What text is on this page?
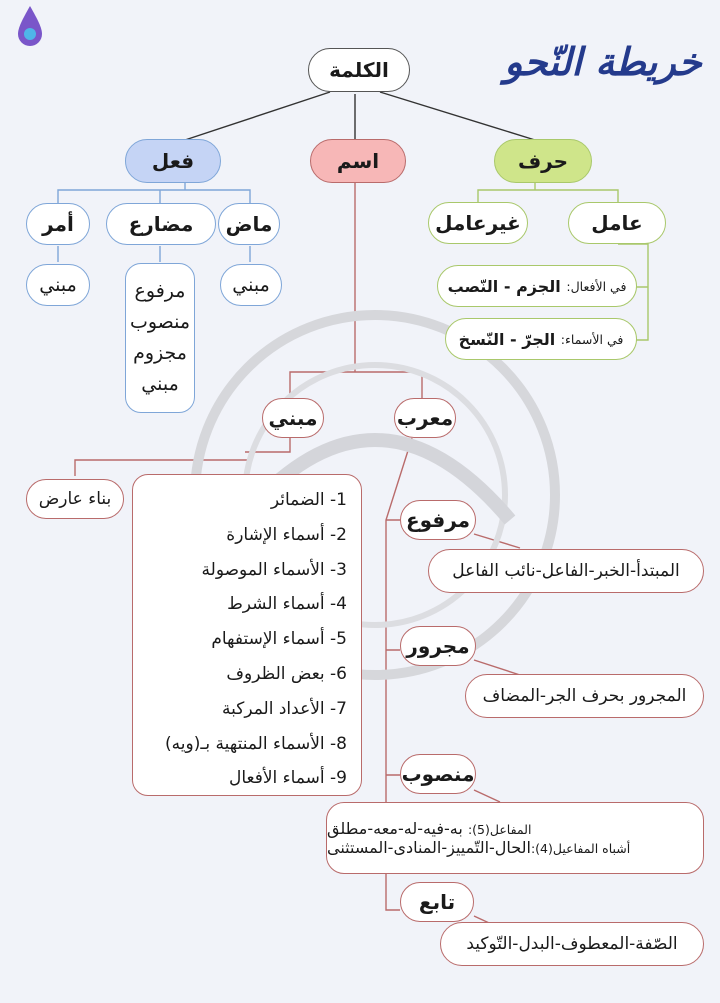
خريطة النّحو
الكلمة
فعل	اسم	حرف
ماض
مضارع
أمر
مبني
مرفوع
منصوب
مجزوم
مبني
مبني
عامل
غيرعامل
في الأفعال:

الجزم - النّصب
في الأسماء:

الجرّ - النّسخ
مبني	معرب
بناء عارض	1- الضمائر
2- أسماء الإشارة
3- الأسماء الموصولة
4- أسماء الشرط
5- أسماء الإستفهام
6- بعض الظروف
7- الأعداد المركبة
8- الأسماء المنتهية بـ(ويه)
9- أسماء الأفعال
مرفوع
المبتدأ-الخبر-الفاعل-نائب الفاعل
مجرور
المجرور بحرف الجر-المضاف
منصوب
المفاعل(5): به-فيه-له-معه-مطلق
أشباه المفاعيل(4):الحال-التّمييز-المنادى-المستثنى
تابع
الصّفة-المعطوف-البدل-التّوكيد
